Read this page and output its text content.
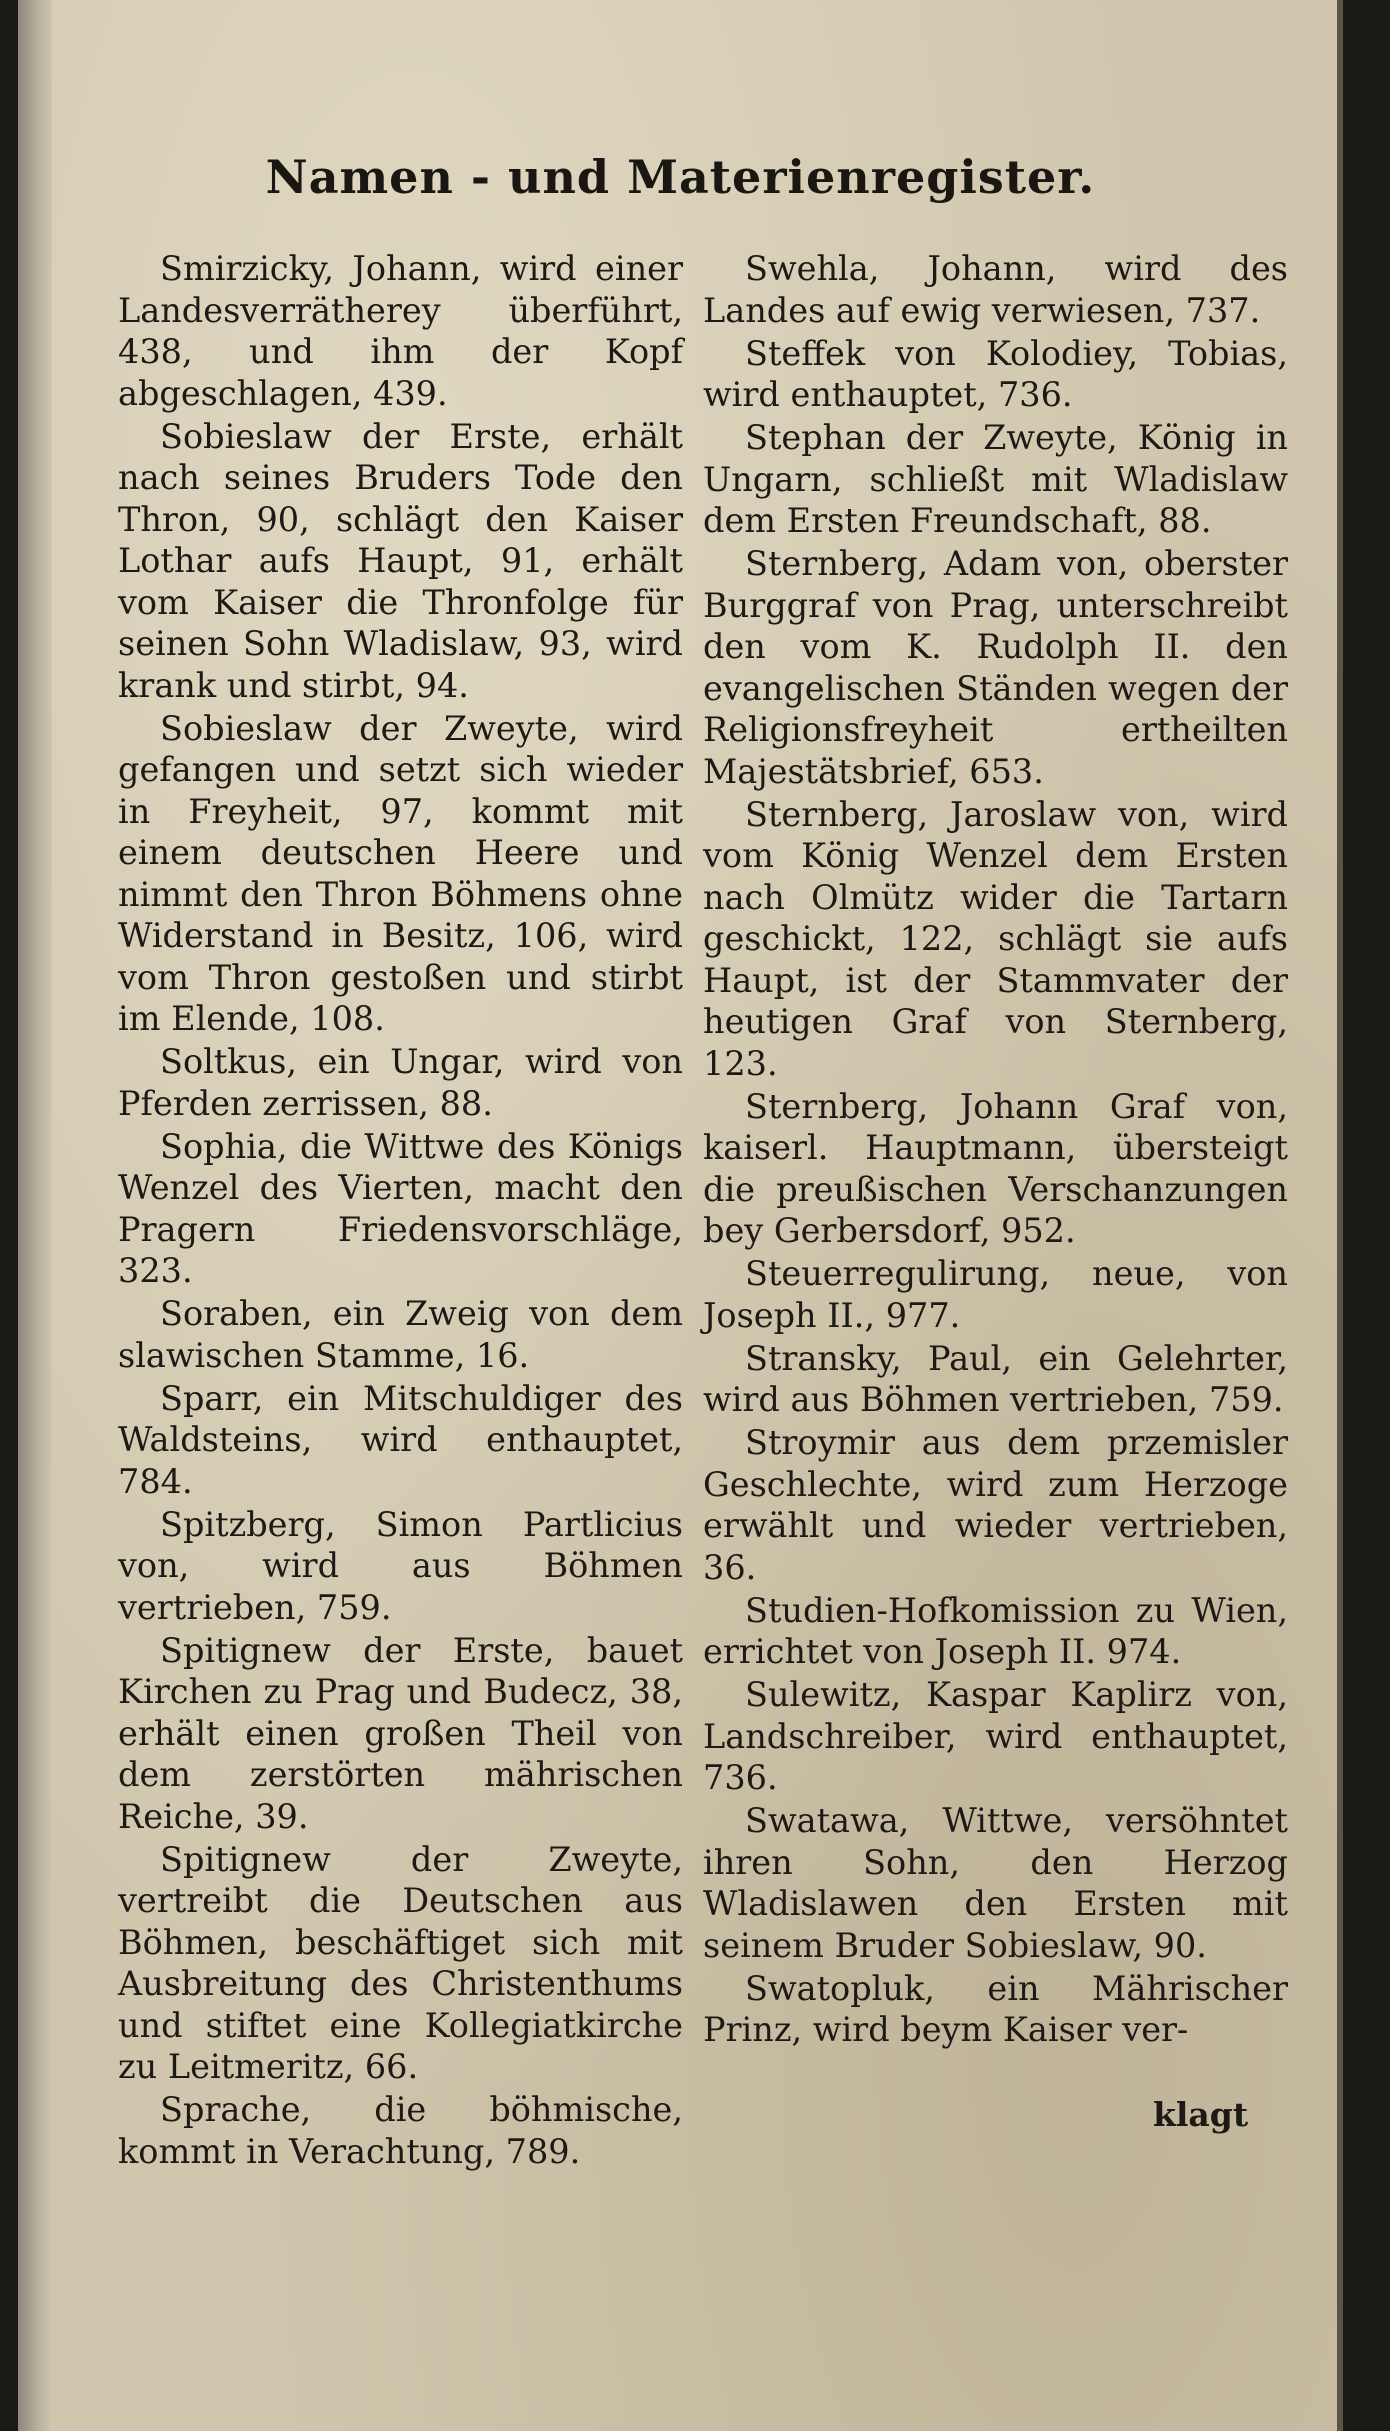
Namen - und Materienregister.

Smirzicky, Johann, wird einer Landesverrätherey überführt, 438, und ihm der Kopf abgeschlagen, 439.

Sobieslaw der Erste, erhält nach seines Bruders Tode den Thron, 90, schlägt den Kaiser Lothar aufs Haupt, 91, erhält vom Kaiser die Thronfolge für seinen Sohn Wladislaw, 93, wird krank und stirbt, 94.

Sobieslaw der Zweyte, wird gefangen und setzt sich wieder in Freyheit, 97, kommt mit einem deutschen Heere und nimmt den Thron Böhmens ohne Widerstand in Besitz, 106, wird vom Thron gestoßen und stirbt im Elende, 108.

Soltkus, ein Ungar, wird von Pferden zerrissen, 88.

Sophia, die Wittwe des Königs Wenzel des Vierten, macht den Pragern Friedensvorschläge, 323.

Soraben, ein Zweig von dem slawischen Stamme, 16.

Sparr, ein Mitschuldiger des Waldsteins, wird enthauptet, 784.

Spitzberg, Simon Partlicius von, wird aus Böhmen vertrieben, 759.

Spitignew der Erste, bauet Kirchen zu Prag und Budecz, 38, erhält einen großen Theil von dem zerstörten mährischen Reiche, 39.

Spitignew der Zweyte, vertreibt die Deutschen aus Böhmen, beschäftiget sich mit Ausbreitung des Christenthums und stiftet eine Kollegiatkirche zu Leitmeritz, 66.

Sprache, die böhmische, kommt in Verachtung, 789.

Swehla, Johann, wird des Landes auf ewig verwiesen, 737.

Steffek von Kolodiey, Tobias, wird enthauptet, 736.

Stephan der Zweyte, König in Ungarn, schließt mit Wladislaw dem Ersten Freundschaft, 88.

Sternberg, Adam von, oberster Burggraf von Prag, unterschreibt den vom K. Rudolph II. den evangelischen Ständen wegen der Religionsfreyheit ertheilten Majestätsbrief, 653.

Sternberg, Jaroslaw von, wird vom König Wenzel dem Ersten nach Olmütz wider die Tartarn geschickt, 122, schlägt sie aufs Haupt, ist der Stammvater der heutigen Graf von Sternberg, 123.

Sternberg, Johann Graf von, kaiserl. Hauptmann, übersteigt die preußischen Verschanzungen bey Gerbersdorf, 952.

Steuerregulirung, neue, von Joseph II., 977.

Stransky, Paul, ein Gelehrter, wird aus Böhmen vertrieben, 759.

Stroymir aus dem przemisler Geschlechte, wird zum Herzoge erwählt und wieder vertrieben, 36.

Studien-Hofkomission zu Wien, errichtet von Joseph II. 974.

Sulewitz, Kaspar Kaplirz von, Landschreiber, wird enthauptet, 736.

Swatawa, Wittwe, versöhntet ihren Sohn, den Herzog Wladislawen den Ersten mit seinem Bruder Sobieslaw, 90.

Swatopluk, ein Mährischer Prinz, wird beym Kaiser ver-

klagt
